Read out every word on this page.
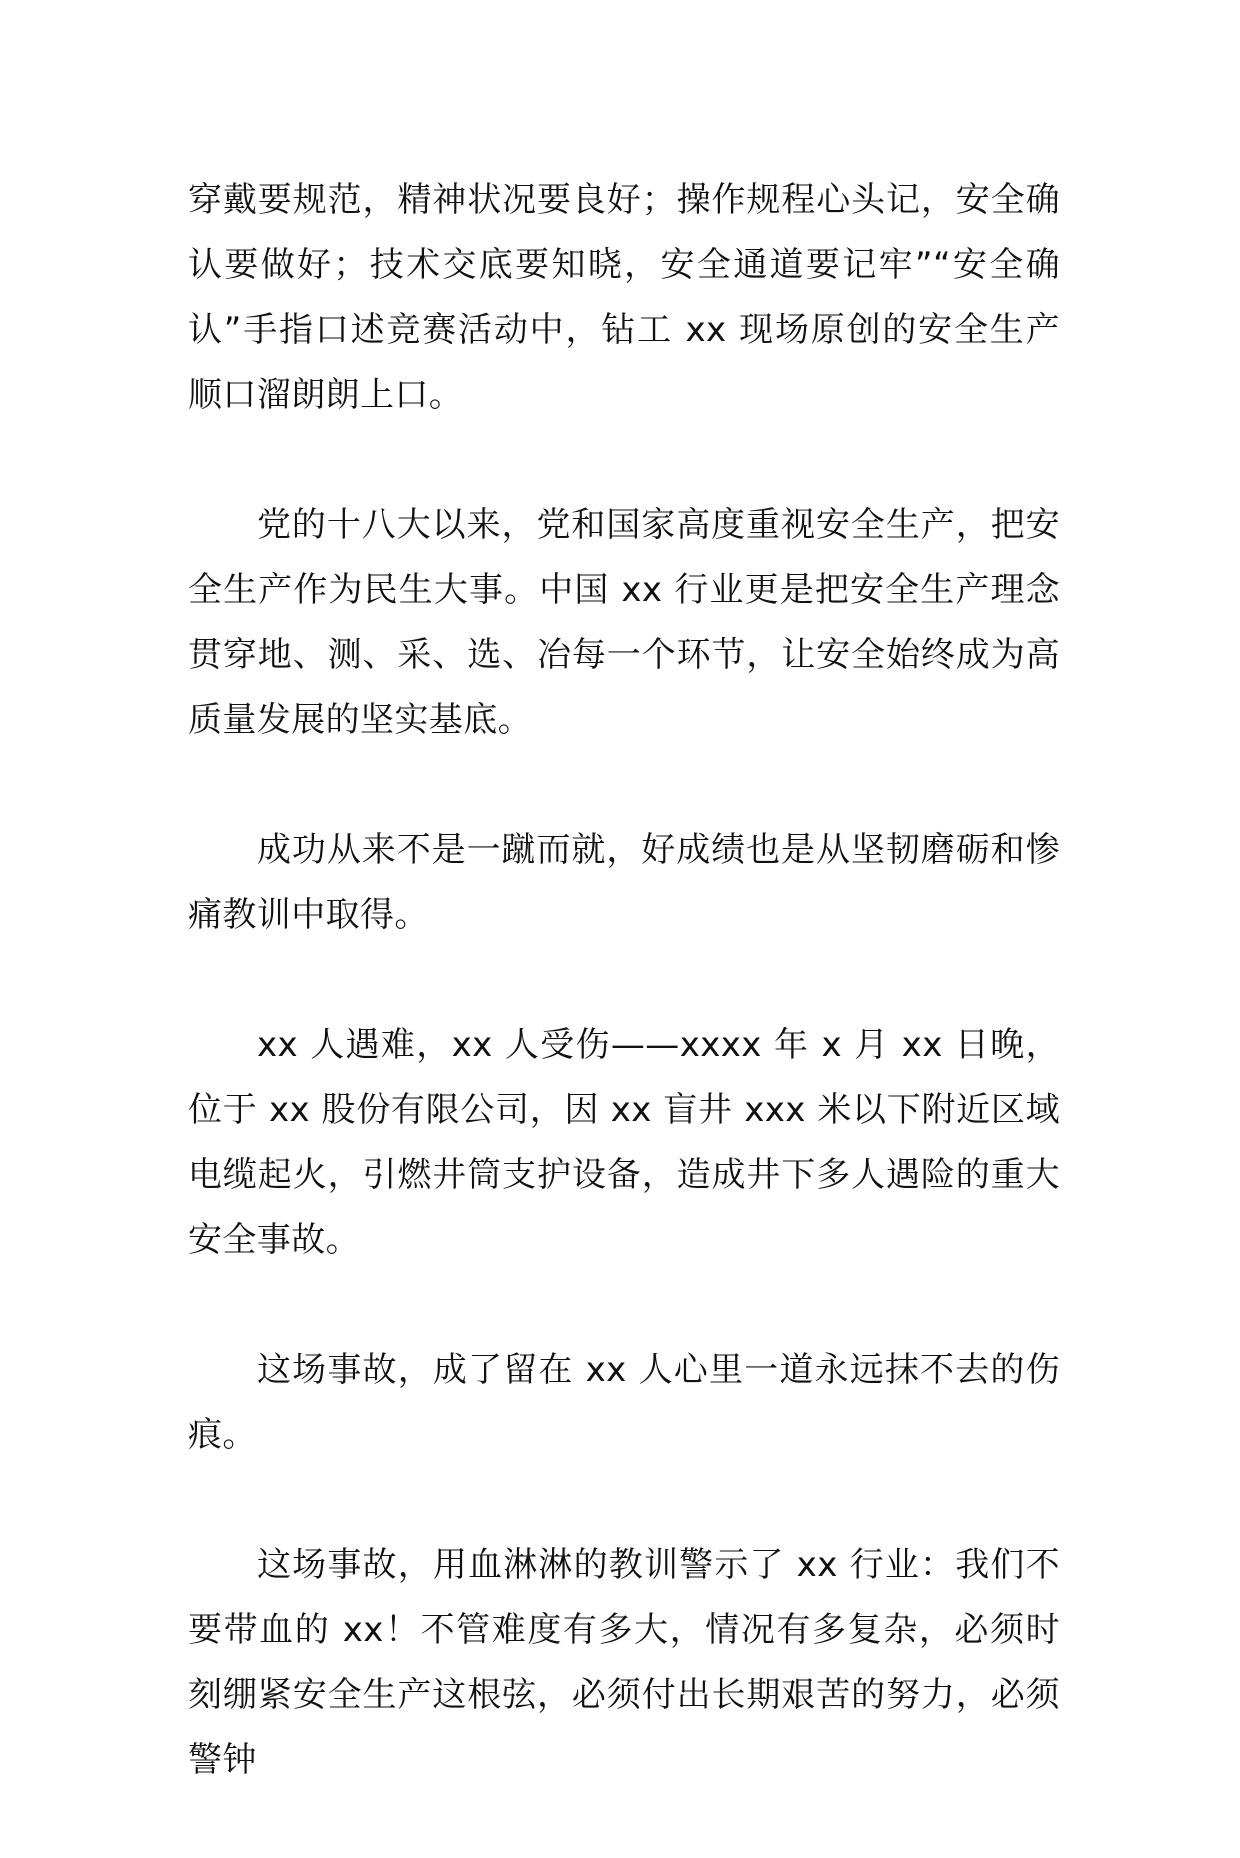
穿戴要规范，精神状况要良好；操作规程心头记，安全确认要做好；技术交底要知晓，安全通道要记牢”“安全确认”手指口述竞赛活动中，钻工 xx 现场原创的安全生产顺口溜朗朗上口。

党的十八大以来，党和国家高度重视安全生产，把安全生产作为民生大事。中国 xx 行业更是把安全生产理念贯穿地、测、采、选、冶每一个环节，让安全始终成为高质量发展的坚实基底。

成功从来不是一蹴而就，好成绩也是从坚韧磨砺和惨痛教训中取得。

xx 人遇难，xx 人受伤——xxxx 年 x 月 xx 日晚，位于 xx 股份有限公司，因 xx 盲井 xxx 米以下附近区域电缆起火，引燃井筒支护设备，造成井下多人遇险的重大安全事故。

这场事故，成了留在 xx 人心里一道永远抹不去的伤痕。

这场事故，用血淋淋的教训警示了 xx 行业：我们不要带血的 xx！不管难度有多大，情况有多复杂，必须时刻绷紧安全生产这根弦，必须付出长期艰苦的努力，必须警钟
